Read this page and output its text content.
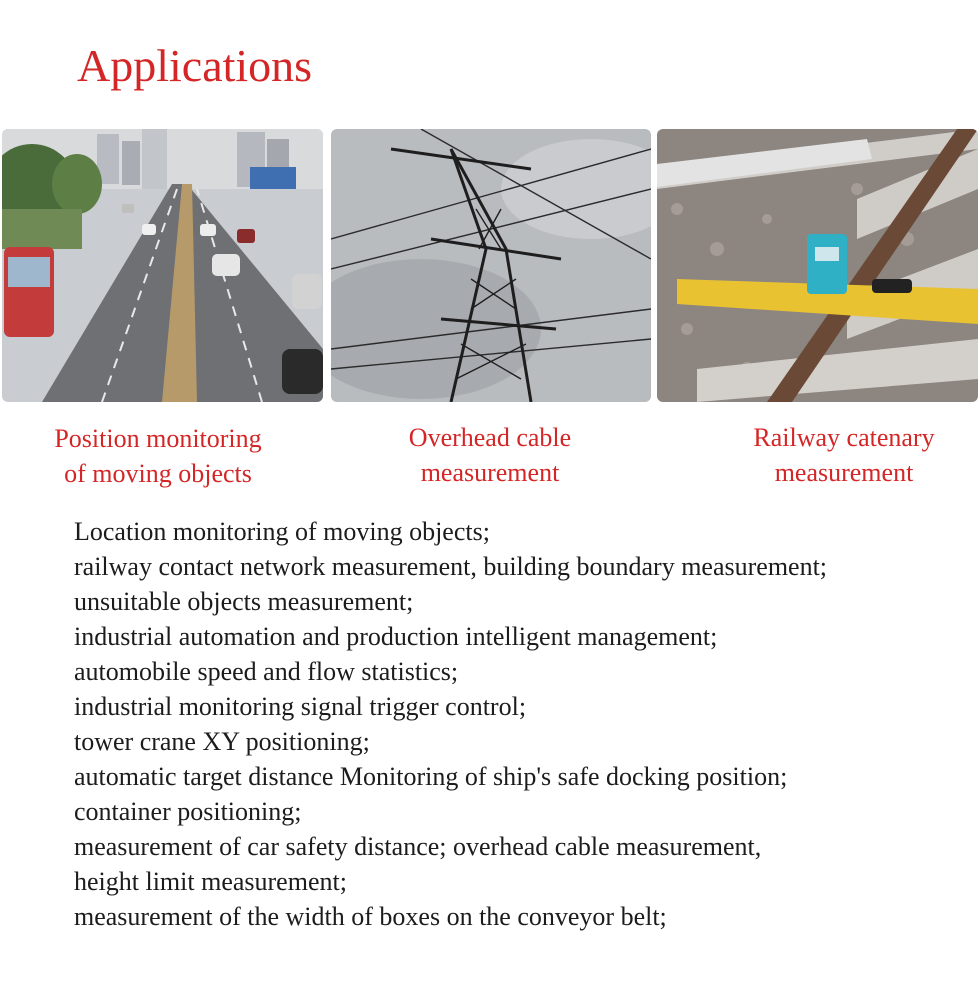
Applications
Position monitoring
of moving objects
Overhead cable
measurement
Railway catenary
measurement
Location monitoring of moving objects;
railway contact network measurement, building boundary measurement;
unsuitable objects measurement;
industrial automation and production intelligent management;
automobile speed and flow statistics;
industrial monitoring signal trigger control;
tower crane XY positioning;
automatic target distance Monitoring of ship's safe docking position;
container positioning;
measurement of car safety distance; overhead cable measurement,
height limit measurement;
measurement of the width of boxes on the conveyor belt;
